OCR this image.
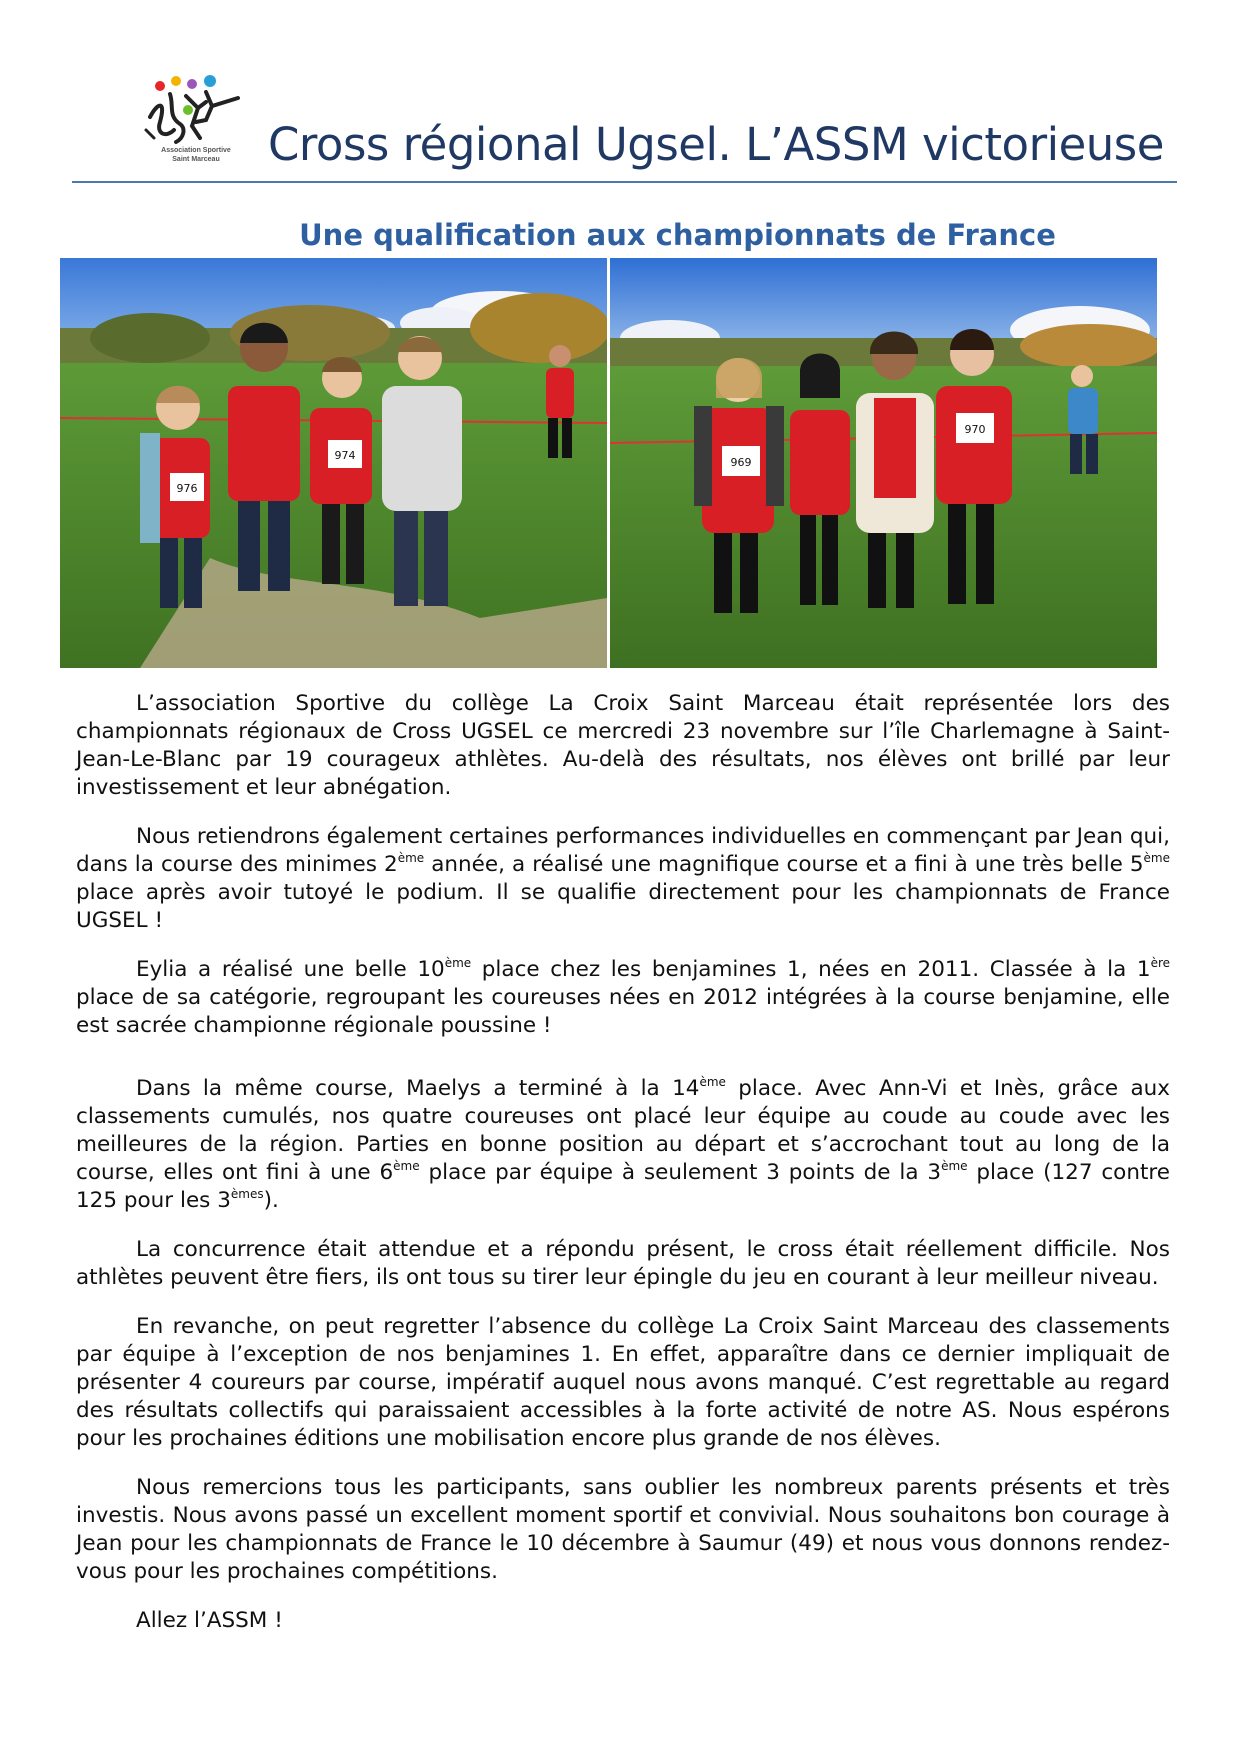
Association Sportive
Saint Marceau	Cross régional Ugsel. L’ASSM victorieuse
Une qualification aux championnats de France
976
974
969
970

L’association Sportive du collège La Croix Saint Marceau était représentée lors des championnats régionaux de Cross UGSEL ce mercredi 23 novembre sur l’île Charlemagne à Saint-Jean-Le-Blanc par 19 courageux athlètes. Au-delà des résultats, nos élèves ont brillé par leur investissement et leur abnégation.

Nous retiendrons également certaines performances individuelles en commençant par Jean qui, dans la course des minimes 2ème année, a réalisé une magnifique course et a fini à une très belle 5ème place après avoir tutoyé le podium. Il se qualifie directement pour les championnats de France UGSEL !

Eylia a réalisé une belle 10ème place chez les benjamines 1, nées en 2011. Classée à la 1ère place de sa catégorie, regroupant les coureuses nées en 2012 intégrées à la course benjamine, elle est sacrée championne régionale poussine !

Dans la même course, Maelys a terminé à la 14ème place. Avec Ann-Vi et Inès, grâce aux classements cumulés, nos quatre coureuses ont placé leur équipe au coude au coude avec les meilleures de la région. Parties en bonne position au départ et s’accrochant tout au long de la course, elles ont fini à une 6ème place par équipe à seulement 3 points de la 3ème place (127 contre 125 pour les 3èmes).

La concurrence était attendue et a répondu présent, le cross était réellement difficile. Nos athlètes peuvent être fiers, ils ont tous su tirer leur épingle du jeu en courant à leur meilleur niveau.

En revanche, on peut regretter l’absence du collège La Croix Saint Marceau des classements par équipe à l’exception de nos benjamines 1. En effet, apparaître dans ce dernier impliquait de présenter 4 coureurs par course, impératif auquel nous avons manqué. C’est regrettable au regard des résultats collectifs qui paraissaient accessibles à la forte activité de notre AS. Nous espérons pour les prochaines éditions une mobilisation encore plus grande de nos élèves.

Nous remercions tous les participants, sans oublier les nombreux parents présents et très investis. Nous avons passé un excellent moment sportif et convivial. Nous souhaitons bon courage à Jean pour les championnats de France le 10 décembre à Saumur (49) et nous vous donnons rendez-vous pour les prochaines compétitions.

Allez l’ASSM !
